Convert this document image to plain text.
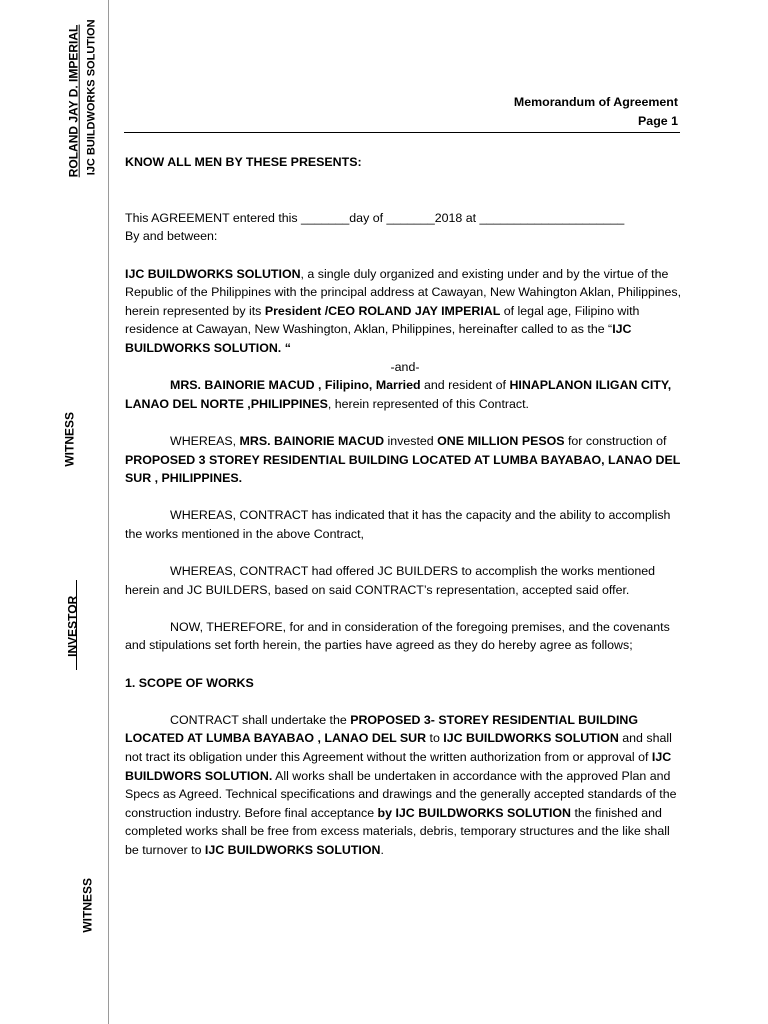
ROLAND JAY D. IMPERIAL IJC BUILDWORKS SOLUTION
WITNESS
INVESTOR
WITNESS
Memorandum of Agreement
Page 1

KNOW ALL MEN BY THESE PRESENTS:

This AGREEMENT entered this _______day of _______2018 at _____________________

By and between:

IJC BUILDWORKS SOLUTION, a single duly organized and existing under and by the virtue of the Republic of the Philippines with the principal address at Cawayan, New Wahington Aklan, Philippines, herein represented by its President /CEO ROLAND JAY IMPERIAL of legal age, Filipino with residence at Cawayan, New Washington, Aklan, Philippines, hereinafter called to as the “IJC BUILDWORKS SOLUTION. “

-and-

MRS. BAINORIE MACUD , Filipino, Married and resident of HINAPLANON ILIGAN CITY, LANAO DEL NORTE ,PHILIPPINES, herein represented of this Contract.

WHEREAS, MRS. BAINORIE MACUD invested ONE MILLION PESOS for construction of PROPOSED 3 STOREY RESIDENTIAL BUILDING LOCATED AT LUMBA BAYABAO, LANAO DEL SUR , PHILIPPINES.

WHEREAS, CONTRACT has indicated that it has the capacity and the ability to accomplish the works mentioned in the above Contract,

WHEREAS, CONTRACT had offered JC BUILDERS to accomplish the works mentioned herein and JC BUILDERS, based on said CONTRACT’s representation, accepted said offer.

NOW, THEREFORE, for and in consideration of the foregoing premises, and the covenants and stipulations set forth herein, the parties have agreed as they do hereby agree as follows;

1. SCOPE OF WORKS

CONTRACT shall undertake the PROPOSED 3- STOREY RESIDENTIAL BUILDING LOCATED AT LUMBA BAYABAO , LANAO DEL SUR to IJC BUILDWORKS SOLUTION and shall not tract its obligation under this Agreement without the written authorization from or approval of IJC BUILDWORS SOLUTION. All works shall be undertaken in accordance with the approved Plan and Specs as Agreed. Technical specifications and drawings and the generally accepted standards of the construction industry. Before final acceptance by IJC BUILDWORKS SOLUTION the finished and completed works shall be free from excess materials, debris, temporary structures and the like shall be turnover to IJC BUILDWORKS SOLUTION.
